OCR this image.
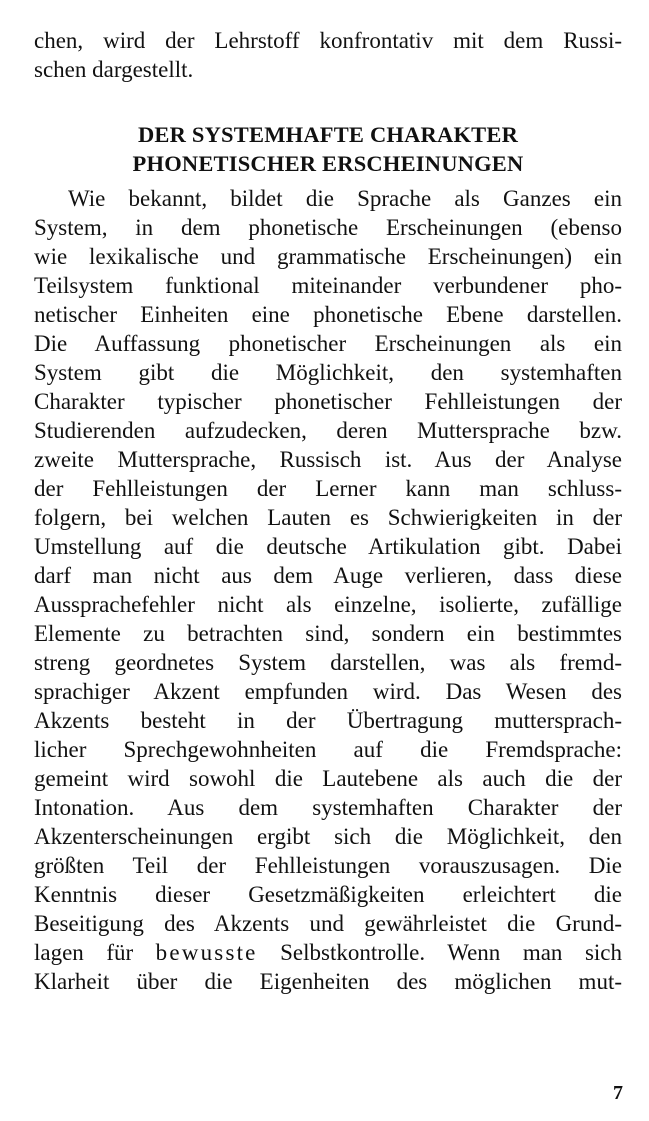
chen, wird der Lehrstoff konfrontativ mit dem Russi-
schen dargestellt.
DER SYSTEMHAFTE CHARAKTER
PHONETISCHER ERSCHEINUNGEN
Wie bekannt, bildet die Sprache als Ganzes ein
System, in dem phonetische Erscheinungen (ebenso
wie lexikalische und grammatische Erscheinungen) ein
Teilsystem funktional miteinander verbundener pho-
netischer Einheiten eine phonetische Ebene darstellen.
Die Auffassung phonetischer Erscheinungen als ein
System gibt die Möglichkeit, den systemhaften
Charakter typischer phonetischer Fehlleistungen der
Studierenden aufzudecken, deren Muttersprache bzw.
zweite Muttersprache, Russisch ist. Aus der Analyse
der Fehlleistungen der Lerner kann man schluss-
folgern, bei welchen Lauten es Schwierigkeiten in der
Umstellung auf die deutsche Artikulation gibt. Dabei
darf man nicht aus dem Auge verlieren, dass diese
Aussprachefehler nicht als einzelne, isolierte, zufällige
Elemente zu betrachten sind, sondern ein bestimmtes
streng geordnetes System darstellen, was als fremd-
sprachiger Akzent empfunden wird. Das Wesen des
Akzents besteht in der Übertragung muttersprach-
licher Sprechgewohnheiten auf die Fremdsprache:
gemeint wird sowohl die Lautebene als auch die der
Intonation. Aus dem systemhaften Charakter der
Akzenterscheinungen ergibt sich die Möglichkeit, den
größten Teil der Fehlleistungen vorauszusagen. Die
Kenntnis dieser Gesetzmäßigkeiten erleichtert die
Beseitigung des Akzents und gewährleistet die Grund-
lagen für bewusste Selbstkontrolle. Wenn man sich
Klarheit über die Eigenheiten des möglichen mut-
7
